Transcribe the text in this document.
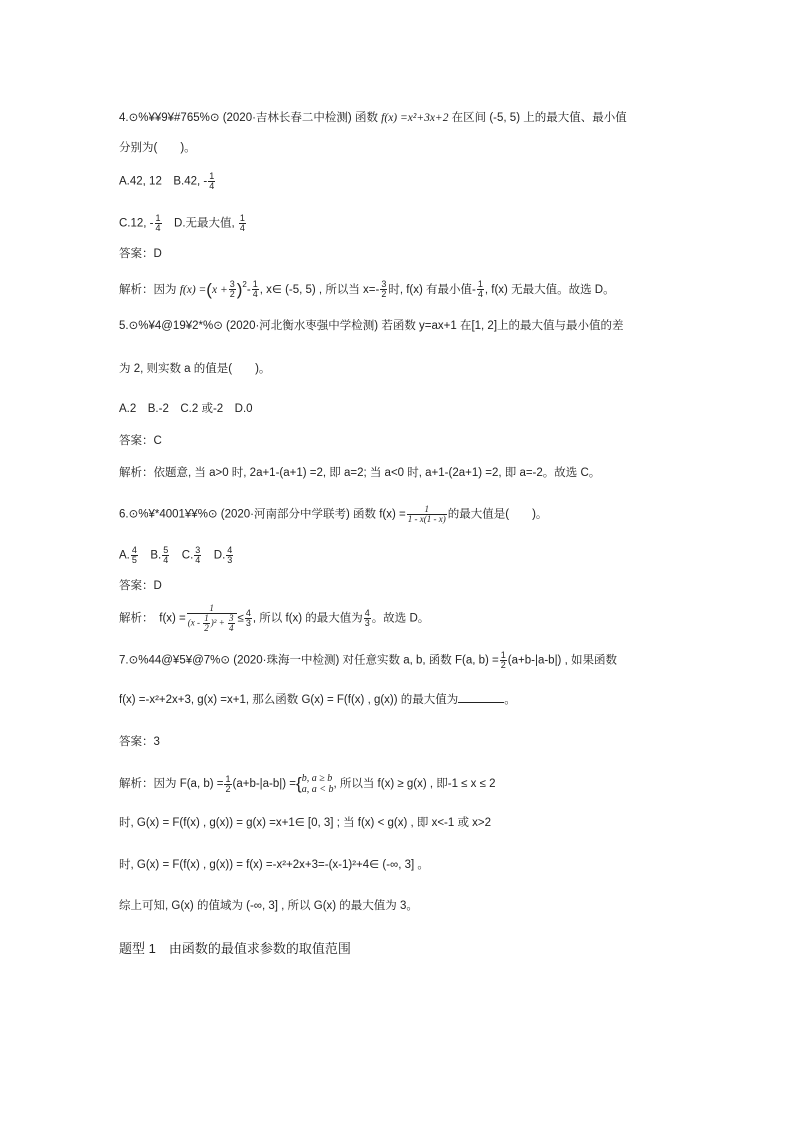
4.⊙%¥¥9¥#765%⊙ (2020·吉林长春二中检测) 函数 f(x) =x²+3x+2 在区间 (-5, 5) 上的最大值、最小值
分别为(　　)。
A.42, 12　B.42, - $\frac{1}{4}$
C.12, - $\frac{1}{4}$ 　D.无最大值, $\frac{1}{4}$
答案：D
解析：因为 $f(x) =(x + \frac{3}{2} )^2- \frac{1}{4}$ , x∈ (-5, 5) , 所以当 $x=- \frac{3}{2}$ 时, f(x) 有最小值- $\frac{1}{4}$ , f(x) 无最大值。故选 D。
5.⊙%¥4@19¥2*%⊙ (2020·河北衡水枣强中学检测) 若函数 y=ax+1 在[1, 2]上的最大值与最小值的差
为 2, 则实数 a 的值是(　　)。
A.2　B.-2　C.2 或-2　D.0
答案：C
解析：依题意, 当 a>0 时, 2a+1-(a+1) =2, 即 a=2; 当 a<0 时, a+1-(2a+1) =2, 即 a=-2。故选 C。
6.⊙%¥*4001¥¥%⊙ (2020·河南部分中学联考) 函数 $f(x) = \frac{1}{1 - x(1 - x)}$ 的最大值是(　　)。
A. $\frac{4}{5}$ 　B. $\frac{5}{4}$ 　C. $\frac{3}{4}$ 　D. $\frac{4}{3}$
答案：D
解析：　$f(x) = \frac{1}{(x - \frac{1}{2} )^2 + \frac{3}{4}} \le \frac{4}{3}$ , 所以 f(x) 的最大值为 $\frac{4}{3}$ 。故选 D。
7.⊙%44@¥5¥@7%⊙ (2020·珠海一中检测) 对任意实数 a, b, 函数 F(a, $b) = \frac{1}{2} (a+b-|a-b|)$ , 如果函数
f(x) =-x²+2x+3, g(x) =x+1, 那么函数 G(x) = F(f(x) , g(x)) 的最大值为	。
答案：3
解析：因为 F(a, $b) = \frac{1}{2} (a+b-|a-b|)$ ={ b, a ≥ b
a, a < b , 所以当 f(x) ≥ g(x) , 即-1 ≤ x ≤ 2
时, G(x) = F(f(x) , g(x)) = g(x) =x+1∈ [0, 3] ; 当 f(x) < g(x) , 即 x<-1 或 x>2
时, G(x) = F(f(x) , g(x)) = f(x) =-x²+2x+3=-(x-1)²+4∈ (-∞, 3] 。
综上可知, G(x) 的值域为 (-∞, 3] , 所以 G(x) 的最大值为 3。
题型 1　由函数的最值求参数的取值范围
